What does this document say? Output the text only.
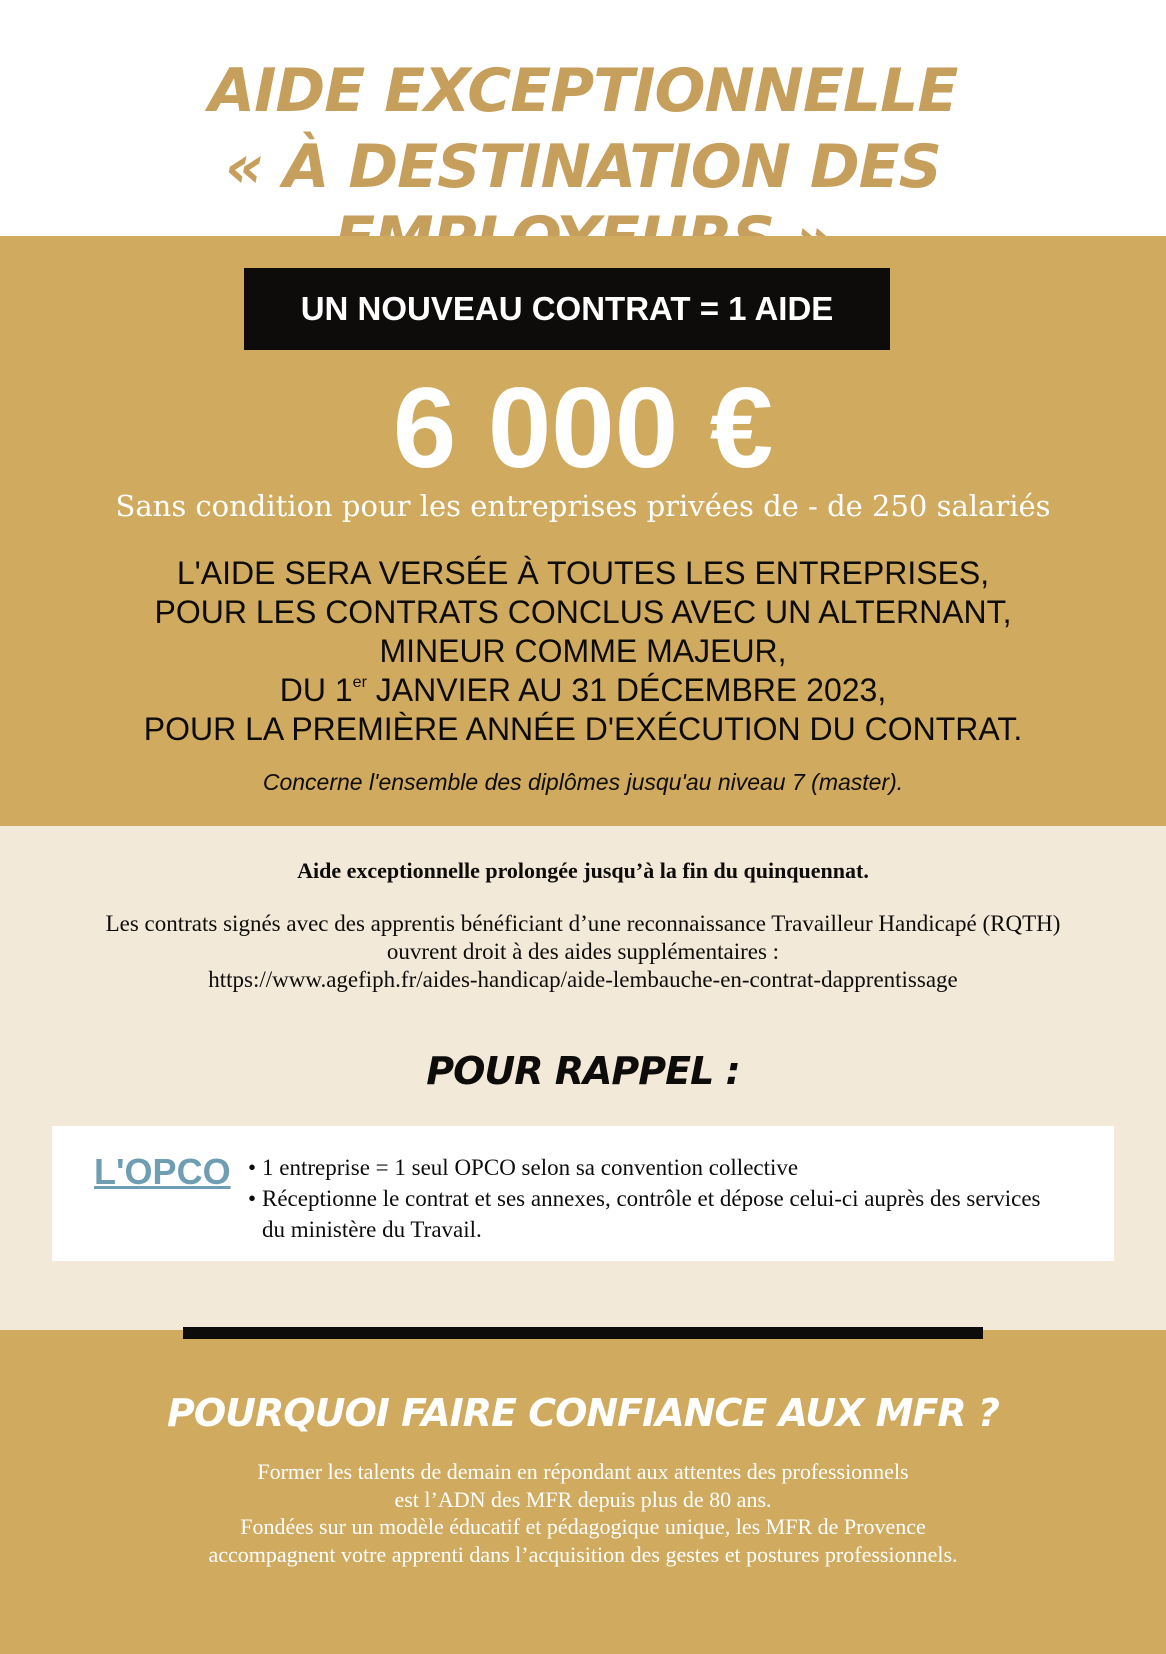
AIDE EXCEPTIONNELLE
« À DESTINATION DES
UN NOUVEAU CONTRAT = 1 AIDE
6 000 €
Sans condition pour les entreprises privées de - de 250 salariés
L'AIDE SERA VERSÉE À TOUTES LES ENTREPRISES,
POUR LES CONTRATS CONCLUS AVEC UN ALTERNANT,
MINEUR COMME MAJEUR,
DU 1er JANVIER AU 31 DÉCEMBRE 2023,
POUR LA PREMIÈRE ANNÉE D'EXÉCUTION DU CONTRAT.
Concerne l'ensemble des diplômes jusqu'au niveau 7 (master).
Aide exceptionnelle prolongée jusqu’à la fin du quinquennat.
Les contrats signés avec des apprentis bénéficiant d’une reconnaissance Travailleur Handicapé (RQTH)
ouvrent droit à des aides supplémentaires :
https://www.agefiph.fr/aides-handicap/aide-lembauche-en-contrat-dapprentissage
POUR RAPPEL :
L'OPCO • 1 entreprise = 1 seul OPCO selon sa convention collective
• Réceptionne le contrat et ses annexes, contrôle et dépose celui-ci auprès des services du ministère du Travail.
POURQUOI FAIRE CONFIANCE AUX MFR ?
Former les talents de demain en répondant aux attentes des professionnels
est l’ADN des MFR depuis plus de 80 ans.
Fondées sur un modèle éducatif et pédagogique unique, les MFR de Provence
accompagnent votre apprenti dans l’acquisition des gestes et postures professionnels.
